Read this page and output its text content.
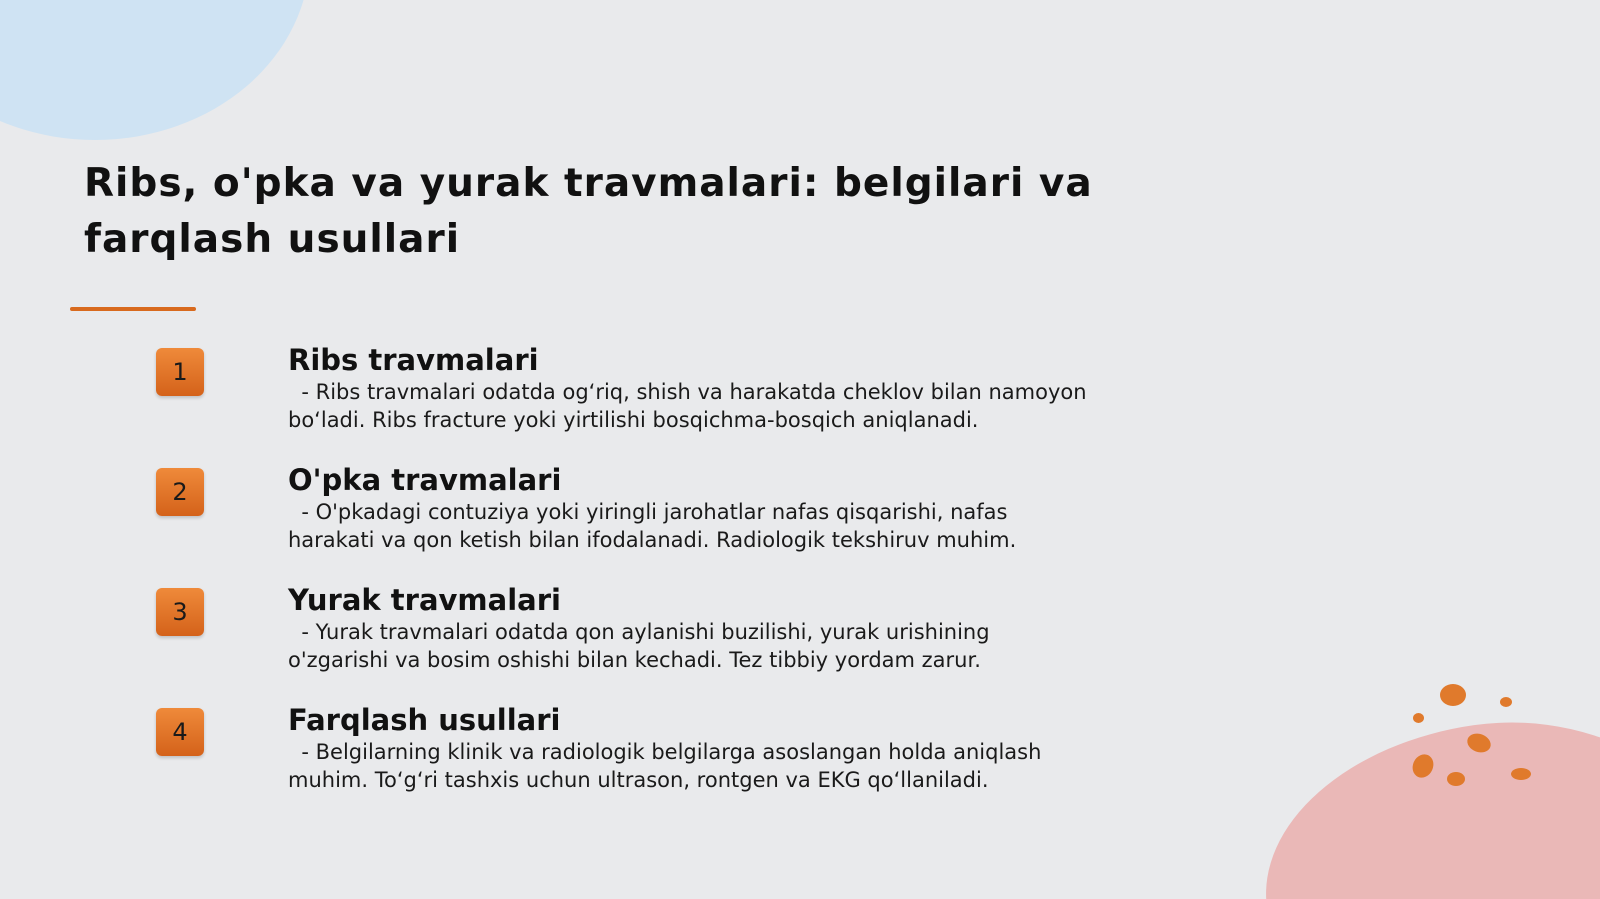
Ribs, o'pka va yurak travmalari: belgilari va farqlash usullari
1	Ribs travmalari

- Ribs travmalari odatda og‘riq, shish va harakatda cheklov bilan namoyon bo‘ladi. Ribs fracture yoki yirtilishi bosqichma-bosqich aniqlanadi.

2	O'pka travmalari

- O'pkadagi contuziya yoki yiringli jarohatlar nafas qisqarishi, nafas harakati va qon ketish bilan ifodalanadi. Radiologik tekshiruv muhim.

3	Yurak travmalari

- Yurak travmalari odatda qon aylanishi buzilishi, yurak urishining o'zgarishi va bosim oshishi bilan kechadi. Tez tibbiy yordam zarur.

4	Farqlash usullari

- Belgilarning klinik va radiologik belgilarga asoslangan holda aniqlash muhim. To‘g‘ri tashxis uchun ultrason, rontgen va EKG qo‘llaniladi.
